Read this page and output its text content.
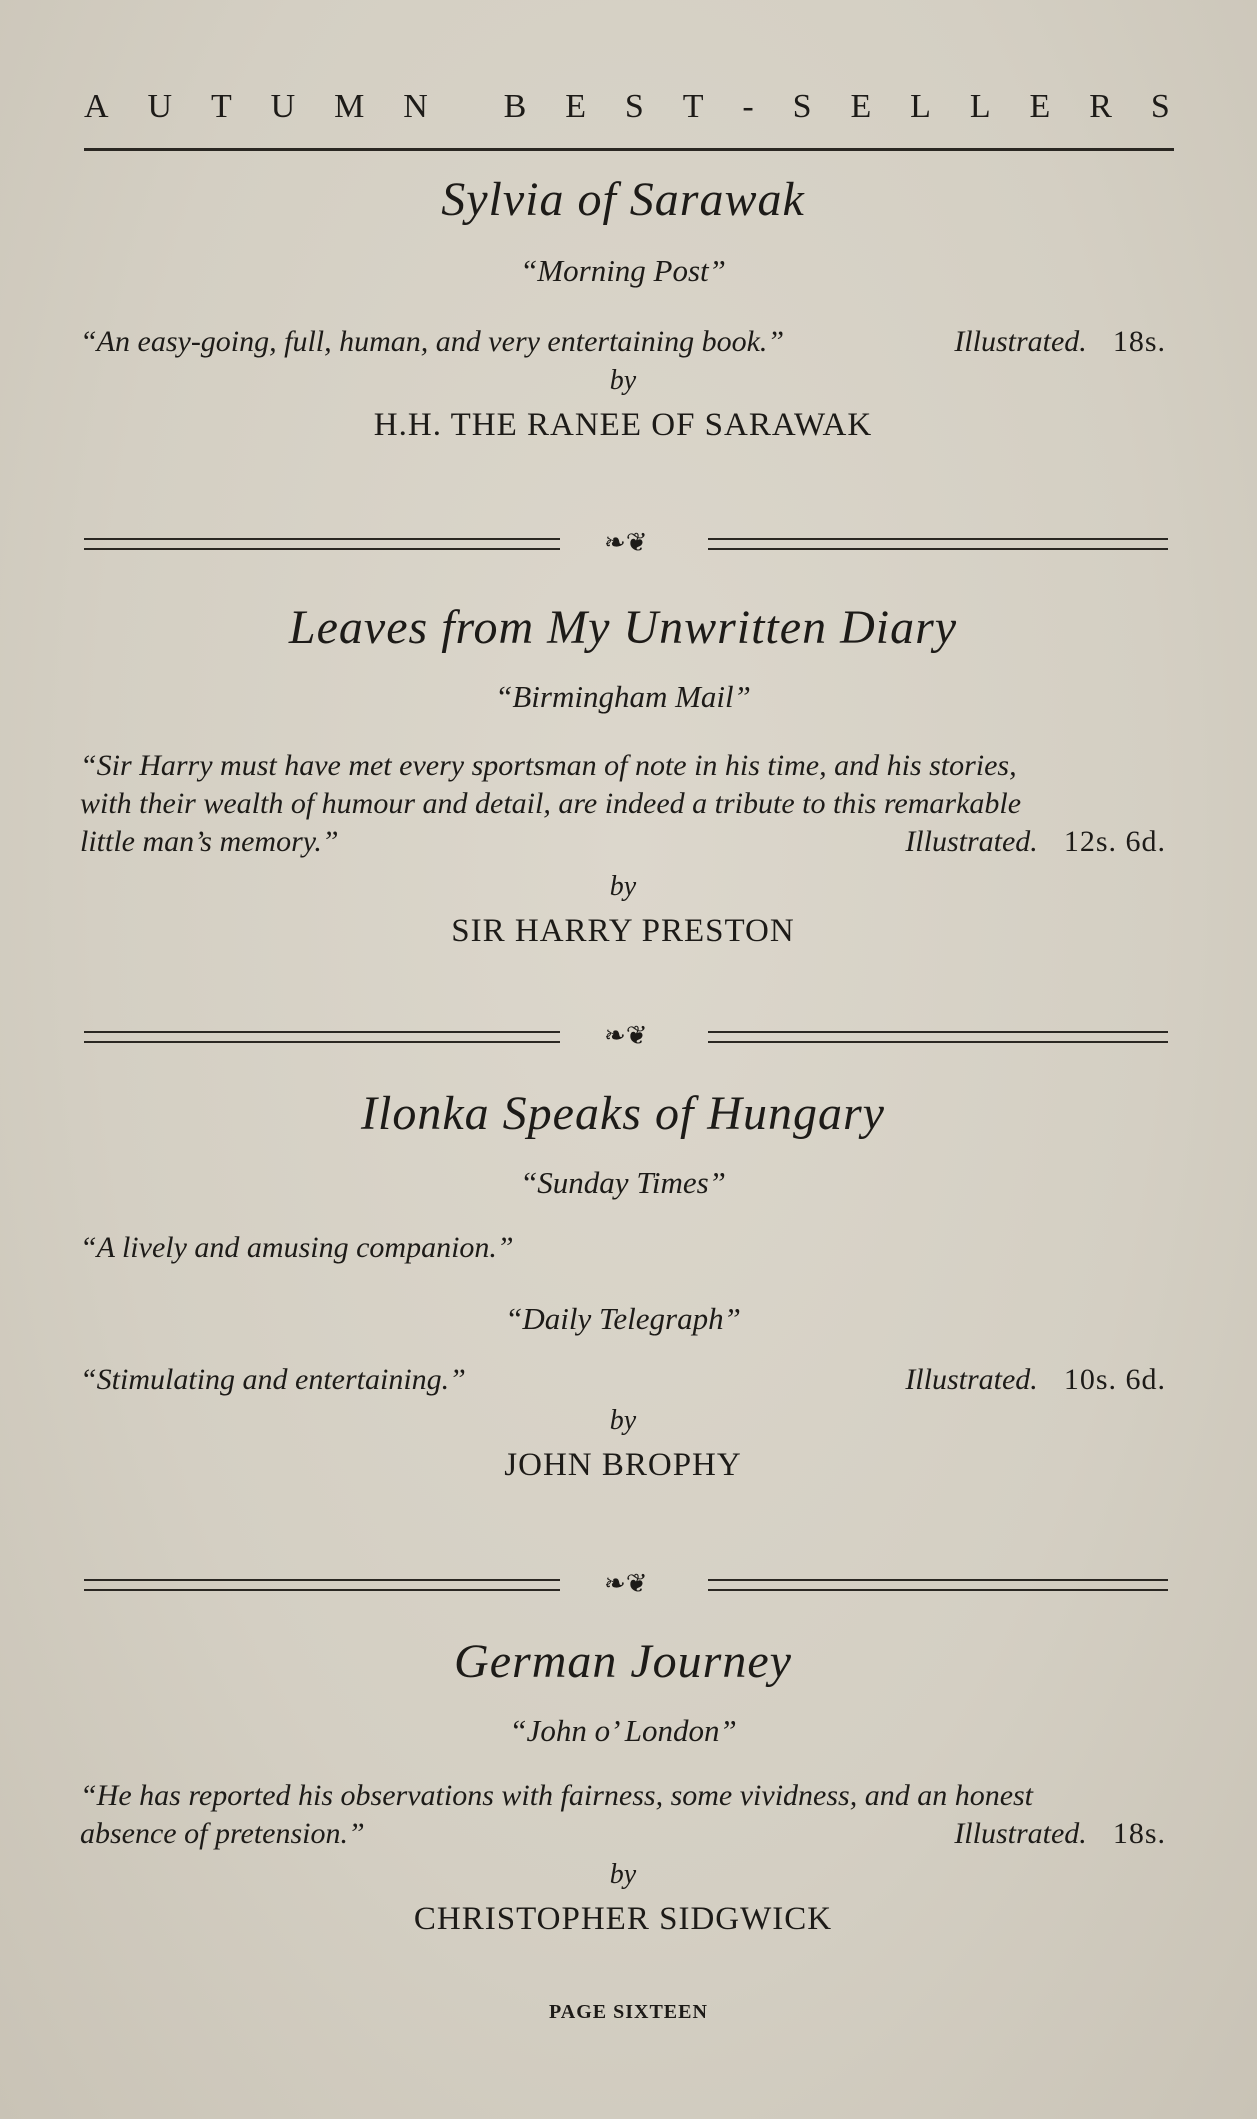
A U T U M N B E S T - S E L L E R S

Sylvia of Sarawak

“Morning Post”

“An easy-going, full, human, and very entertaining book.”	Illustrated. 18s.

by

H.H. THE RANEE OF SARAWAK

❧❦

Leaves from My Unwritten Diary

“Birmingham Mail”

“Sir Harry must have met every sportsman of note in his time, and his stories,
with their wealth of humour and detail, are indeed a tribute to this remarkable
little man’s memory.”	Illustrated. 12s. 6d.

by

SIR HARRY PRESTON

❧❦

Ilonka Speaks of Hungary

“Sunday Times”

“A lively and amusing companion.”

“Daily Telegraph”

“Stimulating and entertaining.”	Illustrated. 10s. 6d.

by

JOHN BROPHY

❧❦

German Journey

“John o’ London”

“He has reported his observations with fairness, some vividness, and an honest
absence of pretension.”	Illustrated. 18s.

by

CHRISTOPHER SIDGWICK

PAGE SIXTEEN
